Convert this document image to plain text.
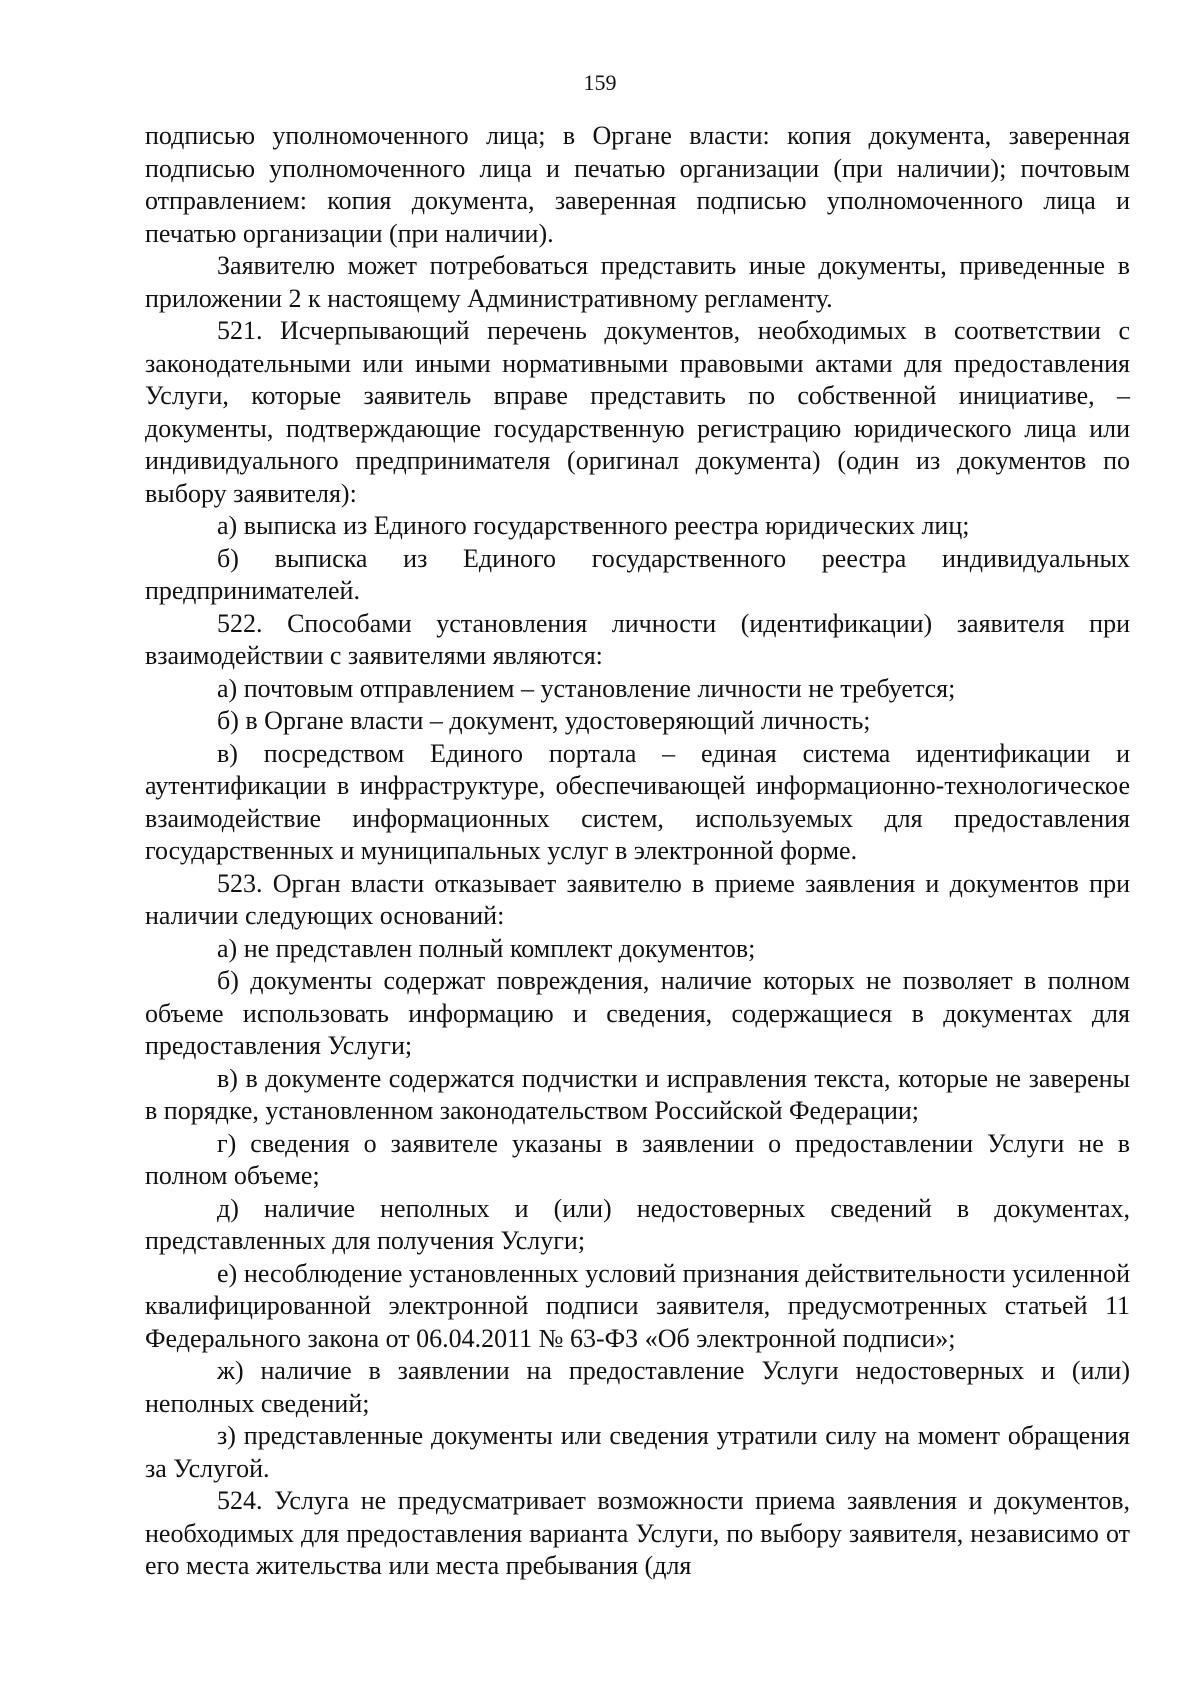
159

подписью уполномоченного лица; в Органе власти: копия документа, заверенная подписью уполномоченного лица и печатью организации (при наличии); почтовым отправлением: копия документа, заверенная подписью уполномоченного лица и печатью организации (при наличии).

Заявителю может потребоваться представить иные документы, приведенные в приложении 2 к настоящему Административному регламенту.

521. Исчерпывающий перечень документов, необходимых в соответствии с законодательными или иными нормативными правовыми актами для предоставления Услуги, которые заявитель вправе представить по собственной инициативе, – документы, подтверждающие государственную регистрацию юридического лица или индивидуального предпринимателя (оригинал документа) (один из документов по выбору заявителя):

а) выписка из Единого государственного реестра юридических лиц;

б) выписка из Единого государственного реестра индивидуальных предпринимателей.

522. Способами установления личности (идентификации) заявителя при взаимодействии с заявителями являются:

а) почтовым отправлением – установление личности не требуется;

б) в Органе власти – документ, удостоверяющий личность;

в) посредством Единого портала – единая система идентификации и аутентификации в инфраструктуре, обеспечивающей информационно-технологическое взаимодействие информационных систем, используемых для предоставления государственных и муниципальных услуг в электронной форме.

523. Орган власти отказывает заявителю в приеме заявления и документов при наличии следующих оснований:

а) не представлен полный комплект документов;

б) документы содержат повреждения, наличие которых не позволяет в полном объеме использовать информацию и сведения, содержащиеся в документах для предоставления Услуги;

в) в документе содержатся подчистки и исправления текста, которые не заверены в порядке, установленном законодательством Российской Федерации;

г) сведения о заявителе указаны в заявлении о предоставлении Услуги не в полном объеме;

д) наличие неполных и (или) недостоверных сведений в документах, представленных для получения Услуги;

е) несоблюдение установленных условий признания действительности усиленной квалифицированной электронной подписи заявителя, предусмотренных статьей 11 Федерального закона от 06.04.2011 № 63-ФЗ «Об электронной подписи»;

ж) наличие в заявлении на предоставление Услуги недостоверных и (или) неполных сведений;

з) представленные документы или сведения утратили силу на момент обращения за Услугой.

524. Услуга не предусматривает возможности приема заявления и документов, необходимых для предоставления варианта Услуги, по выбору заявителя, независимо от его места жительства или места пребывания (для
